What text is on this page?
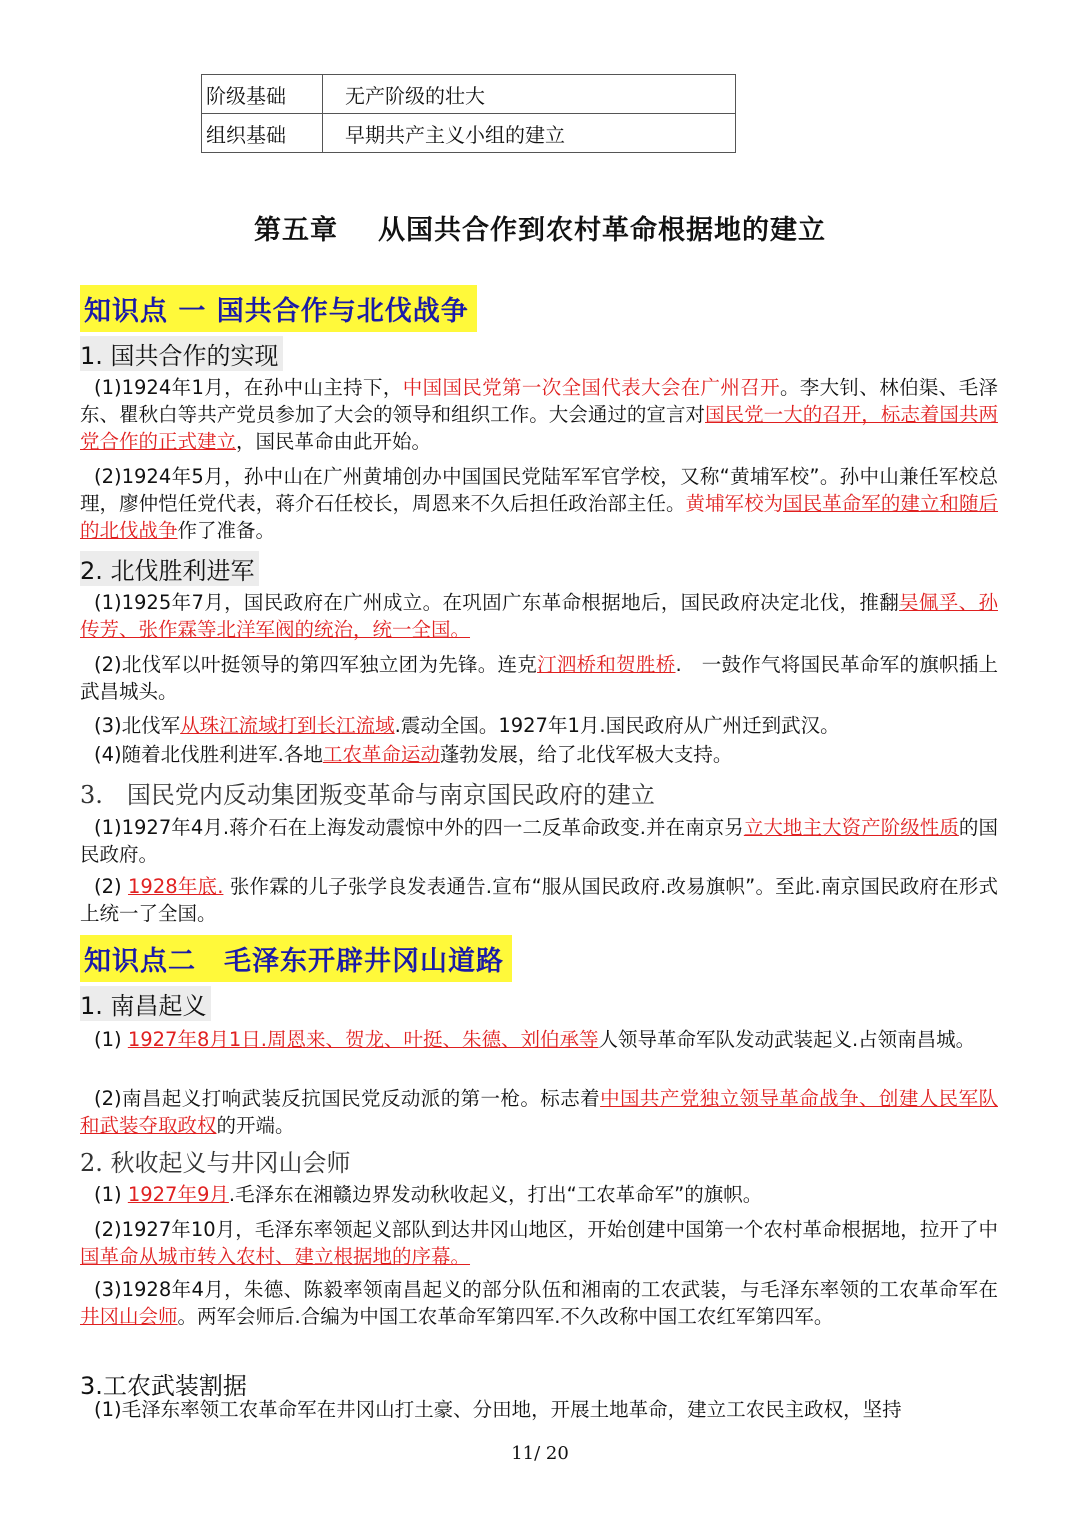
阶级基础	无产阶级的壮大
组织基础	早期共产主义小组的建立
第五章 从国共合作到农村革命根据地的建立
知识点 一 国共合作与北伐战争
1. 国共合作的实现
(1)1924年1月，在孙中山主持下，中国国民党第一次全国代表大会在广州召开。李大钊、林伯渠、毛泽东、瞿秋白等共产党员参加了大会的领导和组织工作。大会通过的宣言对国民党一大的召开，标志着国共两党合作的正式建立，国民革命由此开始。
(2)1924年5月，孙中山在广州黄埔创办中国国民党陆军军官学校，又称“黄埔军校”。孙中山兼任军校总理，廖仲恺任党代表，蒋介石任校长，周恩来不久后担任政治部主任。黄埔军校为国民革命军的建立和随后的北伐战争作了准备。
2. 北伐胜利进军
(1)1925年7月，国民政府在广州成立。在巩固广东革命根据地后，国民政府决定北伐，推翻吴佩孚、孙传芳、张作霖等北洋军阀的统治，统一全国。
(2)北伐军以叶挺领导的第四军独立团为先锋。连克汀泗桥和贺胜桥.　一鼓作气将国民革命军的旗帜插上武昌城头。
(3)北伐军从珠江流域打到长江流域.震动全国。1927年1月.国民政府从广州迁到武汉。
(4)随着北伐胜利进军.各地工农革命运动蓬勃发展，给了北伐军极大支持。
3.　国民党内反动集团叛变革命与南京国民政府的建立
(1)1927年4月.蒋介石在上海发动震惊中外的四一二反革命政变.并在南京另立大地主大资产阶级性质的国民政府。
(2) 1928年底. 张作霖的儿子张学良发表通告.宣布“服从国民政府.改易旗帜”。至此.南京国民政府在形式上统一了全国。
知识点二　毛泽东开辟井冈山道路
1. 南昌起义
(1) 1927年8月1日.周恩来、贺龙、叶挺、朱德、刘伯承等人领导革命军队发动武装起义.占领南昌城。
(2)南昌起义打响武装反抗国民党反动派的第一枪。标志着中国共产党独立领导革命战争、创建人民军队和武装夺取政权的开端。
2. 秋收起义与井冈山会师
(1) 1927年9月.毛泽东在湘赣边界发动秋收起义，打出“工农革命军”的旗帜。
(2)1927年10月，毛泽东率领起义部队到达井冈山地区，开始创建中国第一个农村革命根据地，拉开了中国革命从城市转入农村、建立根据地的序幕。
(3)1928年4月，朱德、陈毅率领南昌起义的部分队伍和湘南的工农武装，与毛泽东率领的工农革命军在井冈山会师。两军会师后.合编为中国工农革命军第四军.不久改称中国工农红军第四军。
3.工农武装割据
(1)毛泽东率领工农革命军在井冈山打土豪、分田地，开展土地革命，建立工农民主政权，坚持
11/ 20
